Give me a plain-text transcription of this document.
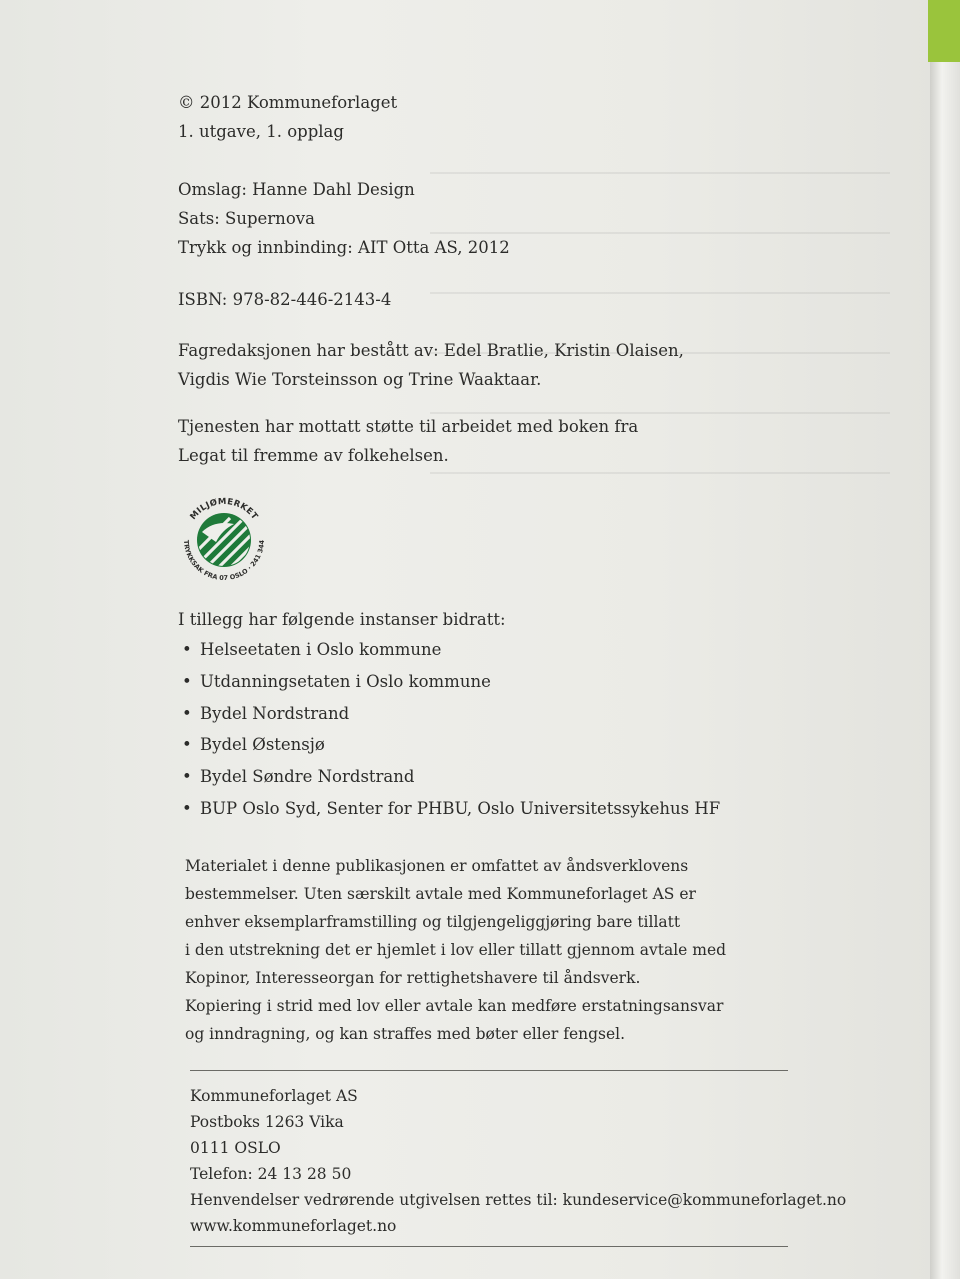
© 2012 Kommuneforlaget
1. utgave, 1. opplag
Omslag: Hanne Dahl Design
Sats: Supernova
Trykk og innbinding: AIT Otta AS, 2012
ISBN: 978-82-446-2143-4
Fagredaksjonen har bestått av: Edel Bratlie, Kristin Olaisen,
Vigdis Wie Torsteinsson og Trine Waaktaar.
Tjenesten har mottatt støtte til arbeidet med boken fra
Legat til fremme av folkehelsen.
MILJØMERKET
TRYKKSAK FRA 07 OSLO · 241 344
I tillegg har følgende instanser bidratt:
• Helseetaten i Oslo kommune
• Utdanningsetaten i Oslo kommune
• Bydel Nordstrand
• Bydel Østensjø
• Bydel Søndre Nordstrand
• BUP Oslo Syd, Senter for PHBU, Oslo Universitetssykehus HF
Materialet i denne publikasjonen er omfattet av åndsverklovens
bestemmelser. Uten særskilt avtale med Kommuneforlaget AS er
enhver eksemplarframstilling og tilgjengeliggjøring bare tillatt
i den utstrekning det er hjemlet i lov eller tillatt gjennom avtale med
Kopinor, Interesseorgan for rettighetshavere til åndsverk.
Kopiering i strid med lov eller avtale kan medføre erstatningsansvar
og inndragning, og kan straffes med bøter eller fengsel.
Kommuneforlaget AS
Postboks 1263 Vika
0111 OSLO
Telefon: 24 13 28 50
Henvendelser vedrørende utgivelsen rettes til: kundeservice@kommuneforlaget.no
www.kommuneforlaget.no
